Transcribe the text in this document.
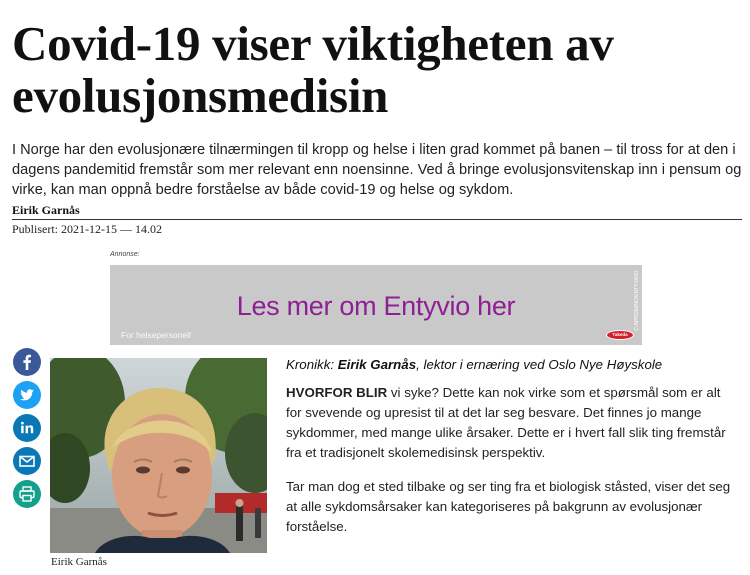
Covid-19 viser viktigheten av evolusjonsmedisin

I Norge har den evolusjonære tilnærmingen til kropp og helse i liten grad kommet på banen – til tross for at den i dagens pandemitid fremstår som mer relevant enn noensinne. Ved å bringe evolusjonsvitenskap inn i pensum og virke, kan man oppnå bedre forståelse av både covid-19 og helse og sykdom.

Eirik Garnås
Publisert: 2021-12-15 — 14.02
Annonse:
Les mer om Entyvio her
For helsepersonell
C-APROM/NO/ENTY/0030
Takeda
Eirik Garnås

Kronikk: Eirik Garnås, lektor i ernæring ved Oslo Nye Høyskole

HVORFOR BLIR vi syke? Dette kan nok virke som et spørsmål som er alt for svevende og upresist til at det lar seg besvare. Det finnes jo mange sykdommer, med mange ulike årsaker. Dette er i hvert fall slik ting fremstår fra et tradisjonelt skolemedisinsk perspektiv.

Tar man dog et sted tilbake og ser ting fra et biologisk ståsted, viser det seg at alle sykdomsårsaker kan kategoriseres på bakgrunn av evolusjonær forståelse.
